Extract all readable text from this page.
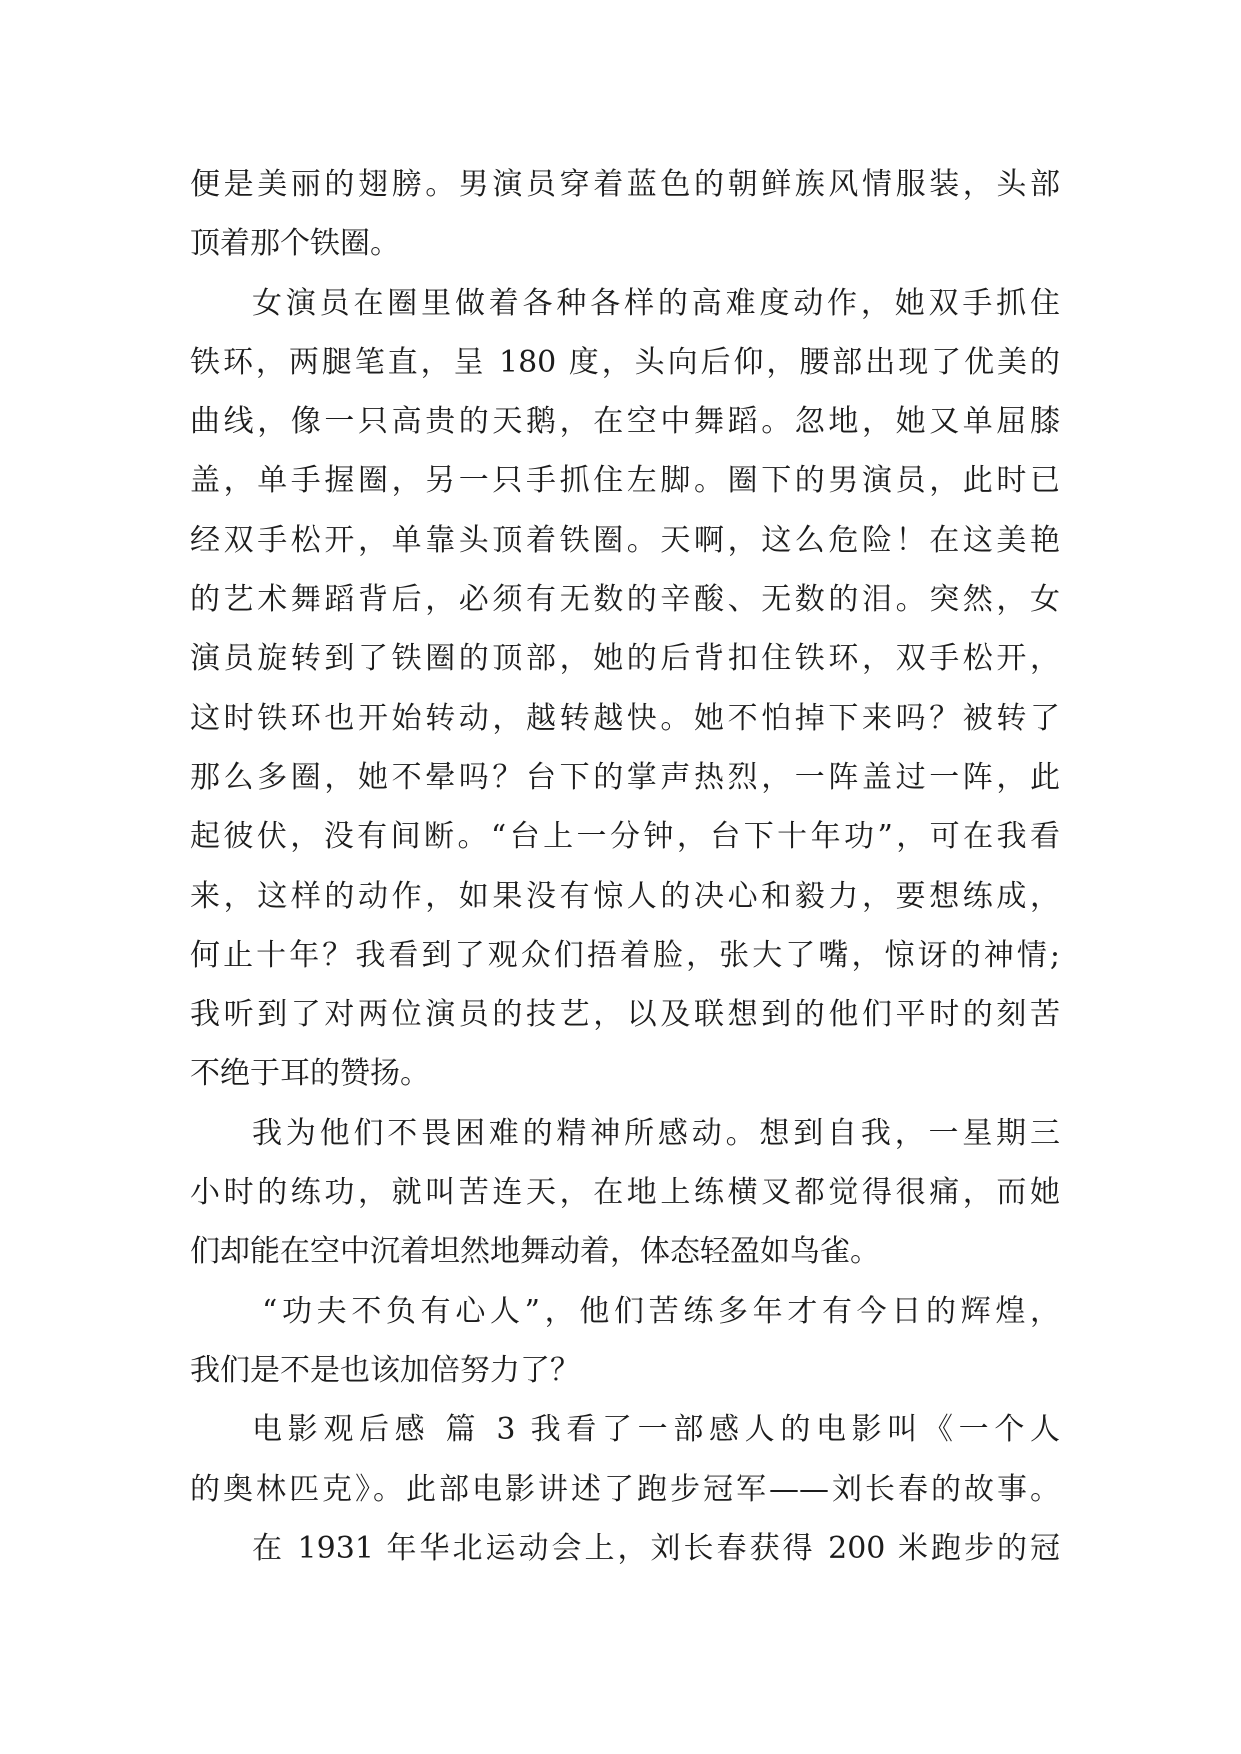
便是美丽的翅膀。男演员穿着蓝色的朝鲜族风情服装，头部
顶着那个铁圈。
女演员在圈里做着各种各样的高难度动作，她双手抓住
铁环，两腿笔直，呈 180 度，头向后仰，腰部出现了优美的
曲线，像一只高贵的天鹅，在空中舞蹈。忽地，她又单屈膝
盖，单手握圈，另一只手抓住左脚。圈下的男演员，此时已
经双手松开，单靠头顶着铁圈。天啊，这么危险！在这美艳
的艺术舞蹈背后，必须有无数的辛酸、无数的泪。突然，女
演员旋转到了铁圈的顶部，她的后背扣住铁环，双手松开，
这时铁环也开始转动，越转越快。她不怕掉下来吗？被转了
那么多圈，她不晕吗？台下的掌声热烈，一阵盖过一阵，此
起彼伏，没有间断。“台上一分钟，台下十年功”，可在我看
来，这样的动作，如果没有惊人的决心和毅力，要想练成，
何止十年？我看到了观众们捂着脸，张大了嘴，惊讶的神情;
我听到了对两位演员的技艺，以及联想到的他们平时的刻苦
不绝于耳的赞扬。
我为他们不畏困难的精神所感动。想到自我，一星期三
小时的练功，就叫苦连天，在地上练横叉都觉得很痛，而她
们却能在空中沉着坦然地舞动着，体态轻盈如鸟雀。
“功夫不负有心人”，他们苦练多年才有今日的辉煌，
我们是不是也该加倍努力了？
电影观后感 篇 3 我看了一部感人的电影叫《一个人
的奥林匹克》。此部电影讲述了跑步冠军——刘长春的故事。
在 1931 年华北运动会上，刘长春获得 200 米跑步的冠
